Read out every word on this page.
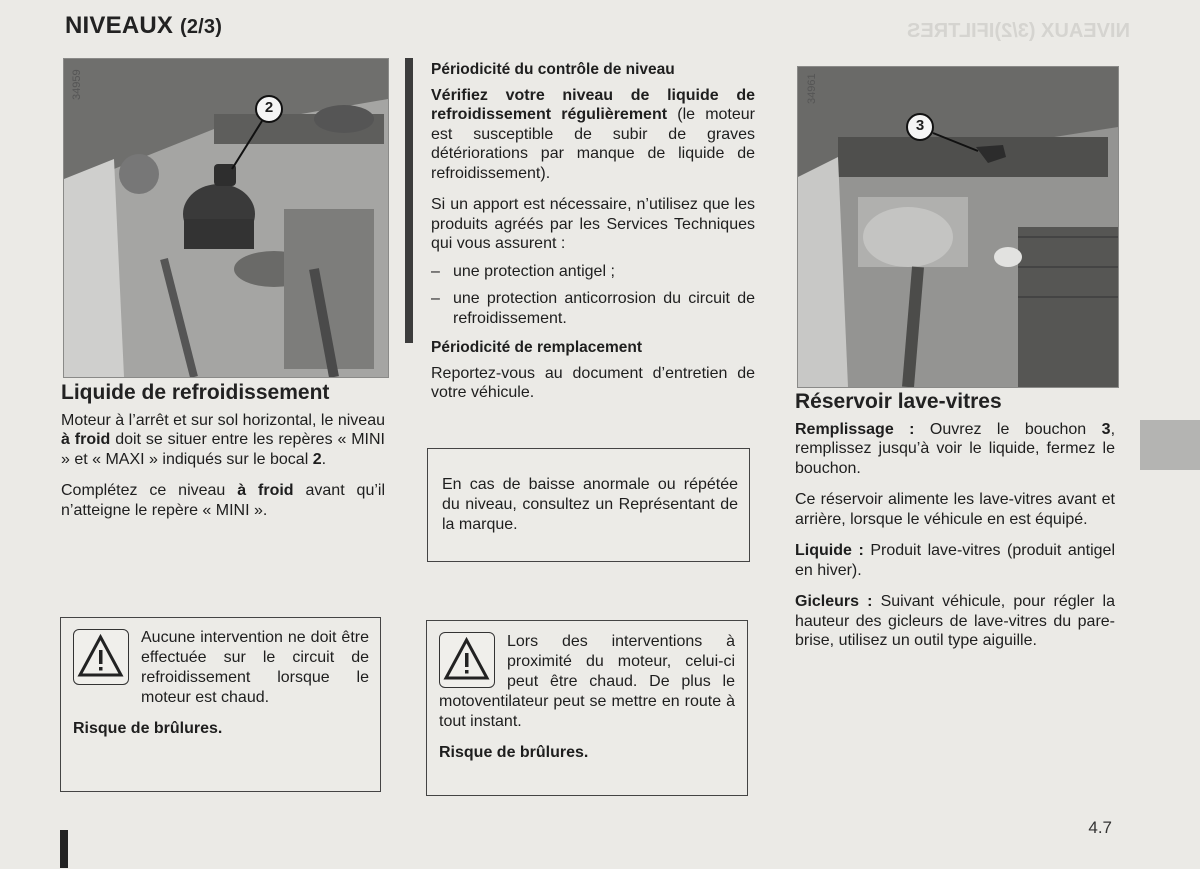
NIVEAUX (3/2)IFILTRES
NIVEAUX (2/3)
2
34959
Liquide de refroidissement

Moteur à l’arrêt et sur sol horizontal, le niveau à froid doit se situer entre les repères « MINI » et « MAXI » indiqués sur le bocal 2.

Complétez ce niveau à froid avant qu’il n’atteigne le repère « MINI ».

Aucune intervention ne doit être effectuée sur le circuit de refroidissement lorsque le moteur est chaud.
Risque de brûlures.
Périodicité du contrôle de niveau

Vérifiez votre niveau de liquide de refroidissement régulièrement (le moteur est susceptible de subir de graves détériorations par manque de liquide de refroidissement).

Si un apport est nécessaire, n’utilisez que les produits agréés par les Services Techniques qui vous assurent :

– une protection antigel ;
– une protection anticorrosion du circuit de refroidissement.
Périodicité de remplacement

Reportez-vous au document d’entretien de votre véhicule.

En cas de baisse anormale ou répétée du niveau, consultez un Représentant de la marque.
Lors des interventions à proximité du moteur, celui-ci peut être chaud. De plus le motoventilateur peut se mettre en route à tout instant.
Risque de brûlures.
3
34961
Réservoir lave-vitres

Remplissage : Ouvrez le bouchon 3, remplissez jusqu’à voir le liquide, fermez le bouchon.

Ce réservoir alimente les lave-vitres avant et arrière, lorsque le véhicule en est équipé.

Liquide : Produit lave-vitres (produit antigel en hiver).

Gicleurs : Suivant véhicule, pour régler la hauteur des gicleurs de lave-vitres du pare-brise, utilisez un outil type aiguille.

4.7
